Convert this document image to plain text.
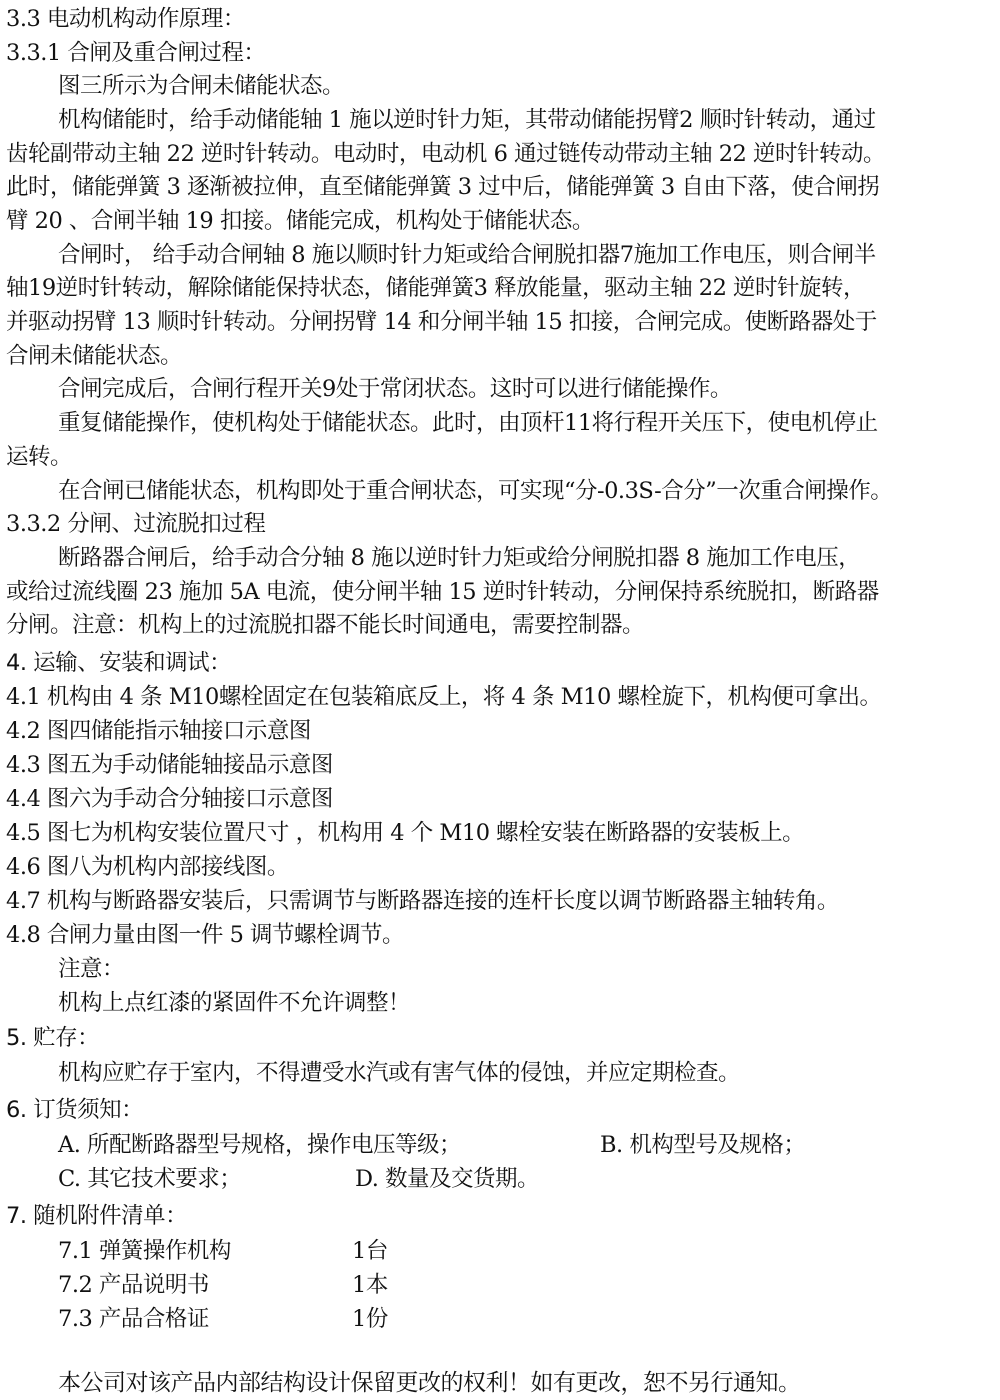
3.3 电动机构动作原理：
3.3.1 合闸及重合闸过程：
图三所示为合闸未储能状态。
机构储能时，给手动储能轴 1 施以逆时针力矩，其带动储能拐臂2 顺时针转动，通过
齿轮副带动主轴 22 逆时针转动。电动时，电动机 6 通过链传动带动主轴 22 逆时针转动。
此时，储能弹簧 3 逐渐被拉伸，直至储能弹簧 3 过中后，储能弹簧 3 自由下落，使合闸拐
臂 20 、合闸半轴 19 扣接。储能完成，机构处于储能状态。
合闸时， 给手动合闸轴 8 施以顺时针力矩或给合闸脱扣器7施加工作电压，则合闸半
轴19逆时针转动，解除储能保持状态，储能弹簧3 释放能量，驱动主轴 22 逆时针旋转，
并驱动拐臂 13 顺时针转动。分闸拐臂 14 和分闸半轴 15 扣接，合闸完成。使断路器处于
合闸未储能状态。
合闸完成后，合闸行程开关9处于常闭状态。这时可以进行储能操作。
重复储能操作，使机构处于储能状态。此时，由顶杆11将行程开关压下，使电机停止
运转。
在合闸已储能状态，机构即处于重合闸状态，可实现“分-0.3S-合分”一次重合闸操作。
3.3.2 分闸、过流脱扣过程
断路器合闸后，给手动合分轴 8 施以逆时针力矩或给分闸脱扣器 8 施加工作电压，
或给过流线圈 23 施加 5A 电流，使分闸半轴 15 逆时针转动，分闸保持系统脱扣，断路器
分闸。注意：机构上的过流脱扣器不能长时间通电，需要控制器。
4. 运输、安装和调试：
4.1 机构由 4 条 M10螺栓固定在包装箱底反上，将 4 条 M10 螺栓旋下，机构便可拿出。
4.2 图四储能指示轴接口示意图
4.3 图五为手动储能轴接品示意图
4.4 图六为手动合分轴接口示意图
4.5 图七为机构安装位置尺寸 ，机构用 4 个 M10 螺栓安装在断路器的安装板上。
4.6 图八为机构内部接线图。
4.7 机构与断路器安装后，只需调节与断路器连接的连杆长度以调节断路器主轴转角。
4.8 合闸力量由图一件 5 调节螺栓调节。
注意：
机构上点红漆的紧固件不允许调整！
5. 贮存：
机构应贮存于室内，不得遭受水汽或有害气体的侵蚀，并应定期检查。
6. 订货须知：
A. 所配断路器型号规格，操作电压等级；	B. 机构型号及规格；
C. 其它技术要求；	D. 数量及交货期。
7. 随机附件清单：
7.1 弹簧操作机构	1台
7.2 产品说明书	1本
7.3 产品合格证	1份
本公司对该产品内部结构设计保留更改的权利！如有更改，恕不另行通知。
